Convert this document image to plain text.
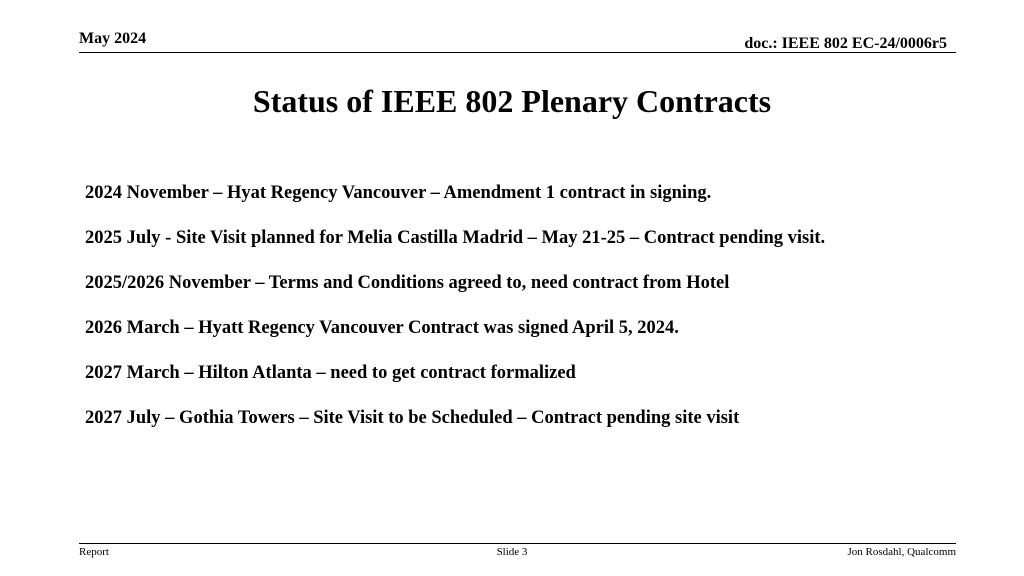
May 2024	doc.: IEEE 802 EC-24/0006r5
Status of IEEE 802 Plenary Contracts
2024 November – Hyat Regency Vancouver – Amendment 1 contract in signing.
2025 July - Site Visit planned for Melia Castilla Madrid – May 21-25 – Contract pending visit.
2025/2026 November – Terms and Conditions agreed to, need contract from Hotel
2026 March – Hyatt Regency Vancouver Contract was signed April 5, 2024.
2027 March – Hilton Atlanta – need to get contract formalized
2027 July – Gothia Towers – Site Visit to be Scheduled – Contract pending site visit
Report	Slide 3	Jon Rosdahl, Qualcomm
